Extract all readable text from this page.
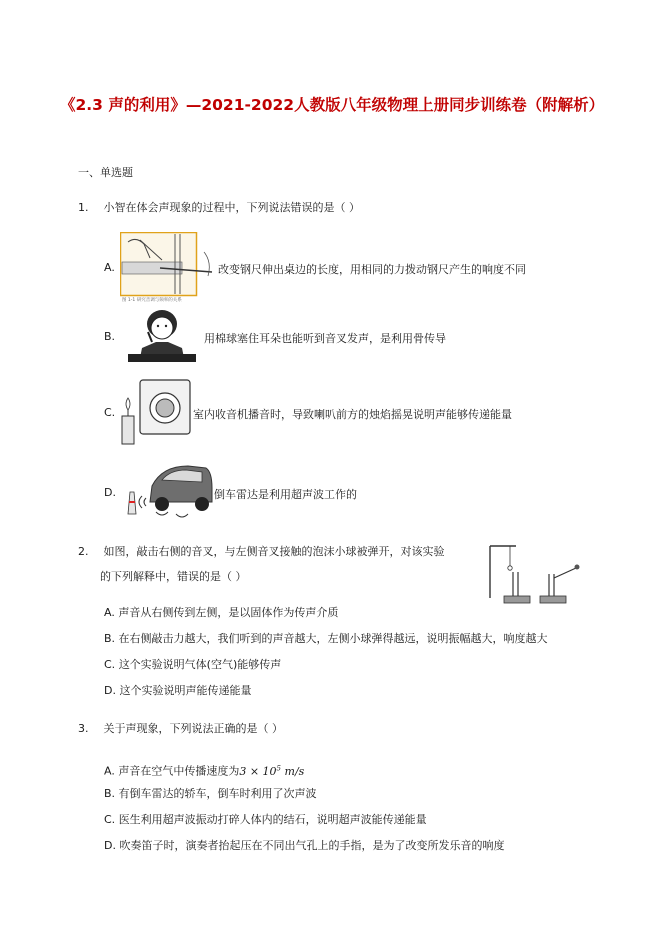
《2.3 声的利用》—2021-2022人教版八年级物理上册同步训练卷（附解析）
一、单选题
1. 小智在体会声现象的过程中，下列说法错误的是（ ）
A.
图 1-1 研究音调与频率的关系
改变钢尺伸出桌边的长度，用相同的力拨动钢尺产生的响度不同
B.	用棉球塞住耳朵也能听到音叉发声，是利用骨传导
C.	室内收音机播音时，导致喇叭前方的烛焰摇晃说明声能够传递能量
D.	倒车雷达是利用超声波工作的
2. 如图，敲击右侧的音叉，与左侧音叉接触的泡沫小球被弹开，对该实验
的下列解释中，错误的是（ ）
A. 声音从右侧传到左侧，是以固体作为传声介质
B. 在右侧敲击力越大，我们听到的声音越大，左侧小球弹得越远，说明振幅越大，响度越大
C. 这个实验说明气体(空气)能够传声
D. 这个实验说明声能传递能量
3. 关于声现象，下列说法正确的是（ ）
A. 声音在空气中传播速度为$3 \times 10^5$ m/s
B. 有倒车雷达的轿车，倒车时利用了次声波
C. 医生利用超声波振动打碎人体内的结石，说明超声波能传递能量
D. 吹奏笛子时，演奏者抬起压在不同出气孔上的手指，是为了改变所发乐音的响度
